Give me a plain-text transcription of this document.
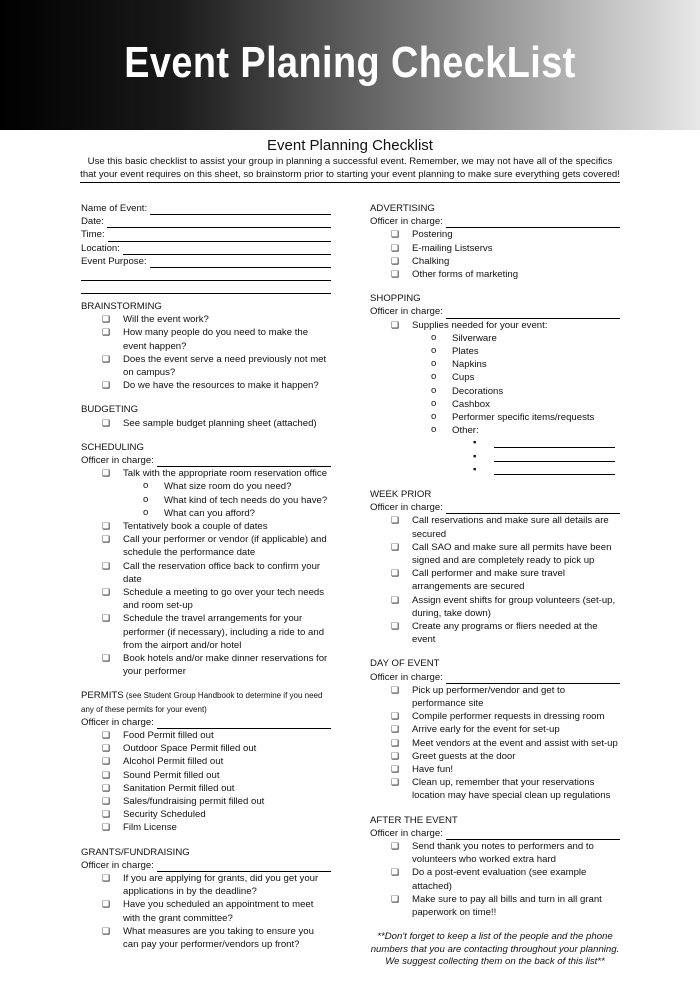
Event Planing CheckList
Event Planning Checklist
Use this basic checklist to assist your group in planning a successful event. Remember, we may not have all of the specifics that your event requires on this sheet, so brainstorm prior to starting your event planning to make sure everything gets covered!
Name of Event:
Date:
Time:
Location:
Event Purpose:
BRAINSTORMING
❑ Will the event work?
❑ How many people do you need to make the event happen?
❑ Does the event serve a need previously not met on campus?
❑ Do we have the resources to make it happen?
BUDGETING
❑ See sample budget planning sheet (attached)
SCHEDULING
Officer in charge:
❑ Talk with the appropriate room reservation office
o What size room do you need?
o What kind of tech needs do you have?
o What can you afford?
❑ Tentatively book a couple of dates
❑ Call your performer or vendor (if applicable) and schedule the performance date
❑ Call the reservation office back to confirm your date
❑ Schedule a meeting to go over your tech needs and room set-up
❑ Schedule the travel arrangements for your performer (if necessary), including a ride to and from the airport and/or hotel
❑ Book hotels and/or make dinner reservations for your performer
PERMITS (see Student Group Handbook to determine if you need any of these permits for your event)
Officer in charge:
❑ Food Permit filled out
❑ Outdoor Space Permit filled out
❑ Alcohol Permit filled out
❑ Sound Permit filled out
❑ Sanitation Permit filled out
❑ Sales/fundraising permit filled out
❑ Security Scheduled
❑ Film License
GRANTS/FUNDRAISING
Officer in charge:
❑ If you are applying for grants, did you get your applications in by the deadline?
❑ Have you scheduled an appointment to meet with the grant committee?
❑ What measures are you taking to ensure you can pay your performer/vendors up front?
ADVERTISING
Officer in charge:
❑ Postering
❑ E-mailing Listservs
❑ Chalking
❑ Other forms of marketing
SHOPPING
Officer in charge:
❑ Supplies needed for your event:
o Silverware
o Plates
o Napkins
o Cups
o Decorations
o Cashbox
o Performer specific items/requests
o Other:
▪
▪
▪
WEEK PRIOR
Officer in charge:
❑ Call reservations and make sure all details are secured
❑ Call SAO and make sure all permits have been signed and are completely ready to pick up
❑ Call performer and make sure travel arrangements are secured
❑ Assign event shifts for group volunteers (set-up, during, take down)
❑ Create any programs or fliers needed at the event
DAY OF EVENT
Officer in charge:
❑ Pick up performer/vendor and get to performance site
❑ Compile performer requests in dressing room
❑ Arrive early for the event for set-up
❑ Meet vendors at the event and assist with set-up
❑ Greet guests at the door
❑ Have fun!
❑ Clean up, remember that your reservations location may have special clean up regulations
AFTER THE EVENT
Officer in charge:
❑ Send thank you notes to performers and to volunteers who worked extra hard
❑ Do a post-event evaluation (see example attached)
❑ Make sure to pay all bills and turn in all grant paperwork on time!!
**Don't forget to keep a list of the people and the phone numbers that you are contacting throughout your planning. We suggest collecting them on the back of this list**
